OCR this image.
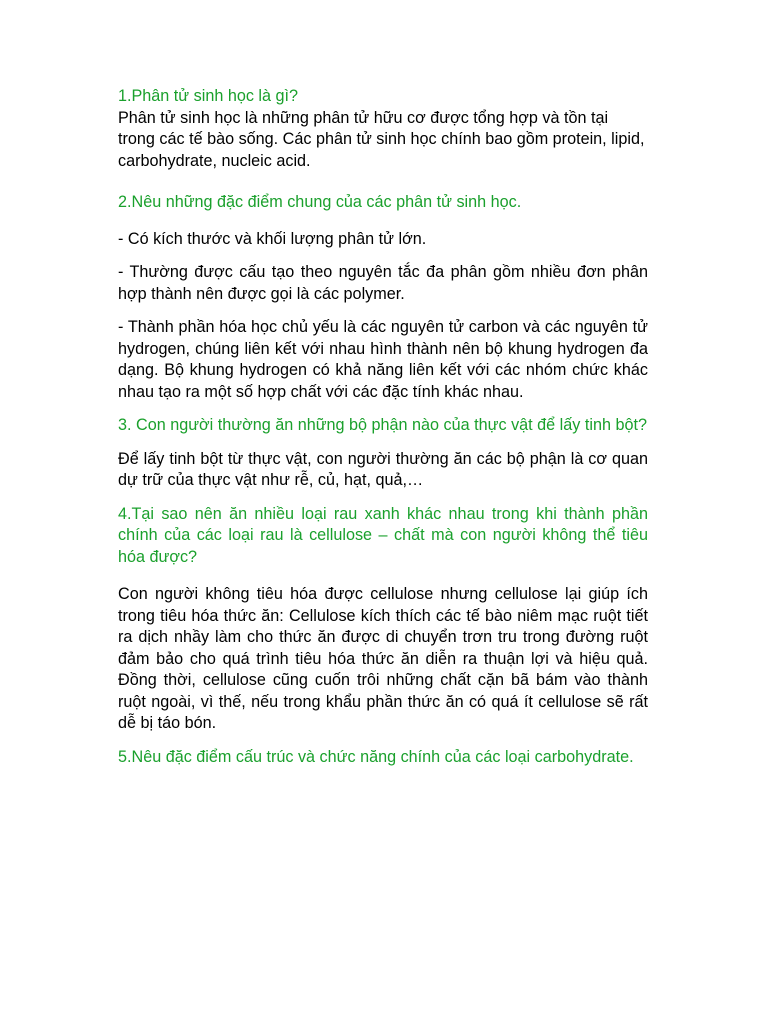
1.Phân tử sinh học là gì?

Phân tử sinh học là những phân tử hữu cơ được tổng hợp và tồn tại trong các tế bào sống. Các phân tử sinh học chính bao gồm protein, lipid, carbohydrate, nucleic acid.

2.Nêu những đặc điểm chung của các phân tử sinh học.

- Có kích thước và khối lượng phân tử lớn.

- Thường được cấu tạo theo nguyên tắc đa phân gồm nhiều đơn phân hợp thành nên được gọi là các polymer.

- Thành phần hóa học chủ yếu là các nguyên tử carbon và các nguyên tử hydrogen, chúng liên kết với nhau hình thành nên bộ khung hydrogen đa dạng. Bộ khung hydrogen có khả năng liên kết với các nhóm chức khác nhau tạo ra một số hợp chất với các đặc tính khác nhau.

3. Con người thường ăn những bộ phận nào của thực vật để lấy tinh bột?

Để lấy tinh bột từ thực vật, con người thường ăn các bộ phận là cơ quan dự trữ của thực vật như rễ, củ, hạt, quả,…

4.Tại sao nên ăn nhiều loại rau xanh khác nhau trong khi thành phần chính của các loại rau là cellulose – chất mà con người không thể tiêu hóa được?

Con người không tiêu hóa được cellulose nhưng cellulose lại giúp ích trong tiêu hóa thức ăn: Cellulose kích thích các tế bào niêm mạc ruột tiết ra dịch nhầy làm cho thức ăn được di chuyển trơn tru trong đường ruột đảm bảo cho quá trình tiêu hóa thức ăn diễn ra thuận lợi và hiệu quả. Đồng thời, cellulose cũng cuốn trôi những chất cặn bã bám vào thành ruột ngoài, vì thế, nếu trong khẩu phần thức ăn có quá ít cellulose sẽ rất dễ bị táo bón.

5.Nêu đặc điểm cấu trúc và chức năng chính của các loại carbohydrate.
